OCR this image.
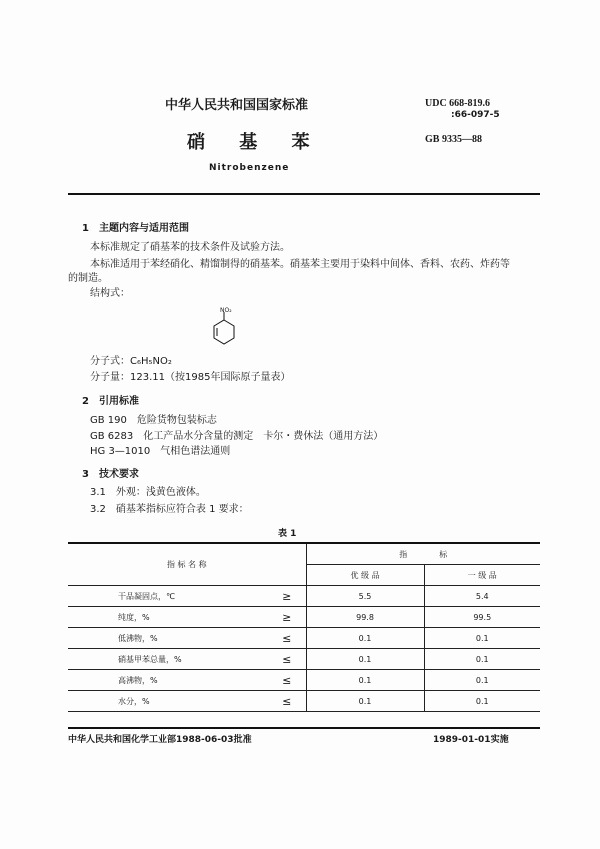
中华人民共和国国家标准	UDC 668-819.6
:66-097-5
硝 基 苯	GB 9335—88
Nitrobenzene
1　主题内容与适用范围
本标准规定了硝基苯的技术条件及试验方法。
本标准适用于苯经硝化、精馏制得的硝基苯。硝基苯主要用于染料中间体、香料、农药、炸药等
的制造。
结构式：
NO₂
分子式：C₆H₅NO₂
分子量：123.11（按1985年国际原子量表）
2　引用标准
GB 190　危险货物包装标志
GB 6283　化工产品水分含量的测定　卡尔・费休法（通用方法）
HG 3—1010　气相色谱法通则
3　技术要求
3.1　外观：浅黄色液体。
3.2　硝基苯指标应符合表 1 要求：
表 1
指 标 名 称		指　　　　标	
		优 级 品	一 级 品
干品凝固点，℃	≥	5.5	5.4
纯度，%	≥	99.8	99.5
低沸物，%	≤	0.1	0.1
硝基甲苯总量，%	≤	0.1	0.1
高沸物，%	≤	0.1	0.1
水分，%	≤	0.1	0.1
中华人民共和国化学工业部1988-06-03批准	1989-01-01实施
